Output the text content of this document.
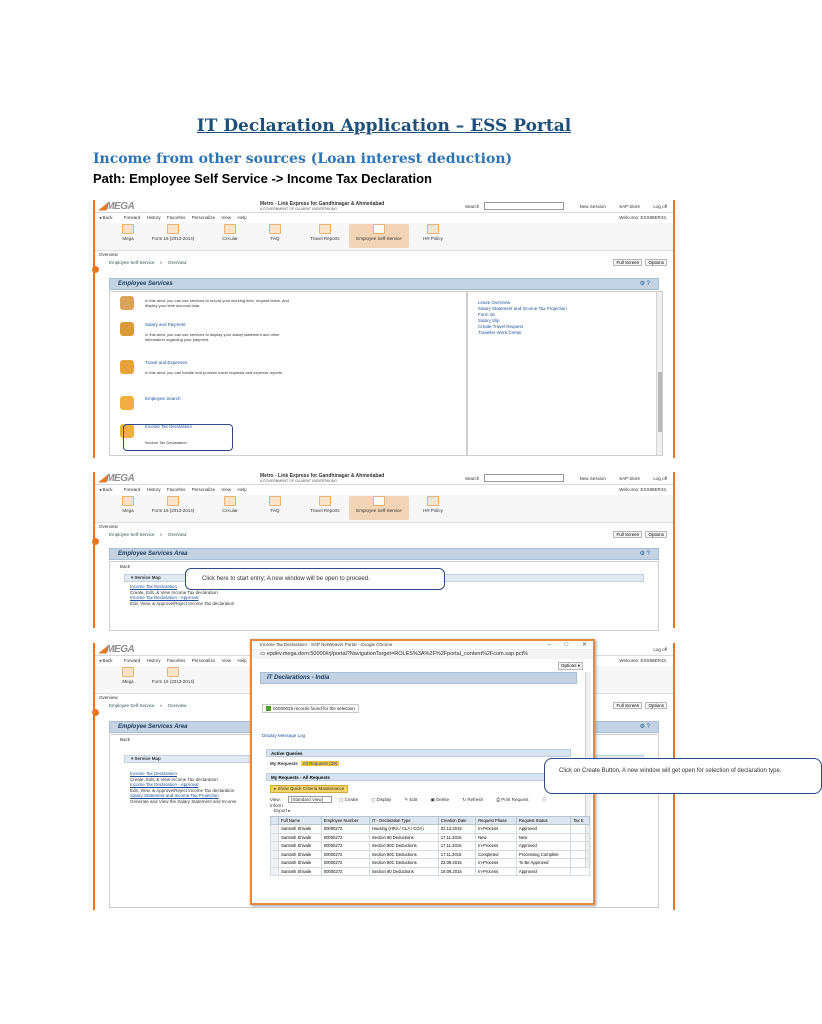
IT Declaration Application – ESS Portal
Income from other sources (Loan interest deduction)
Path: Employee Self Service -> Income Tax Declaration
◢MEGA	Metro - Link Express for Gandhinagar & Ahmedabad
A GOVERNMENT OF GUJARAT UNDERTAKING	Search	New Session	SAP Store	Log off
◂ Back	Forward History Favorites Personalize View Help	Welcome: ESS98ER43,
Mega	Form 16 (2013-2014)	Circular	FAQ	Travel Reports	Employee Self-Service	HR Policy
Overview
Employee Self-Service » Overview	Full Screen Options
Employee Services	⚙ ?
In this area, you can use services to record your working time, request leave, and display your time account data.
Salary and Payment
In this area, you can use services to display your salary statement and other information regarding your payment.
Travel and Expenses
In this area, you can handle and process travel requests and expense reports.
Employee Search
Income Tax Declaration
Income Tax Declaration
Leave Overview
Salary Statement and Income Tax Projection
Form 16
Salary Slip
Create Travel Request
Traveller Work Center
◢MEGA	Metro - Link Express for Gandhinagar & Ahmedabad
A GOVERNMENT OF GUJARAT UNDERTAKING	Search	New Session	SAP Store	Log off
◂ Back	Forward History Favorites Personalize View Help	Welcome: ESS98ER43,
Mega	Form 16 (2013-2014)	Circular	FAQ	Travel Reports	Employee Self-Service	HR Policy
Overview
Employee Self-Service » Overview	Full Screen Options
Employee Services Area	⚙ ?
Back
▾ Service Map
Income Tax Declaration
Create, Edit, & View Income Tax declaration
Income Tax Declaration - Approval
Edit, View, & Approve/Reject Income Tax declaration
Click here to start entry; A new window will be open to proceed.
◢MEGA	Log off
◂ Back	Forward History Favorites Personalize View Help	Welcome: ESS98ER43,
Mega	Form 16 (2013-2014)
Overview
Employee Self-Service » Overview	Full Screen Options
Employee Services Area	⚙ ?
Back
▾ Service Map
Income Tax Declaration
Create, Edit, & View Income Tax declaration
Income Tax Declaration - Approval
Edit, View, & Approve/Reject Income Tax declaration
Salary Statement and Income Tax Projection
Generate and View the Salary Statement and Income
Income Tax Declaration - SAP NetWeaver Portal - Google Chrome	– □ ✕
▭ epdev.mega.dom:50000/irj/portal?NavigationTarget=ROLES%3A%2F%2Fportal_content%2Fcom.sap.pct%
Options ▾
IT Declarations - India
00000029 records found for the selection
Display Message Log
Active Queries
My Requests All Requests (29)
My Requests - All Requests
▸ Show Quick Criteria Maintenance
View: [Standard View]	▢ Create	◻ Display	✎ Edit	▣ Delete	↻ Refresh	⎙ Print Request	ⓘ Inform
Export ▸
	Full Name	Employee Number	IT - Declaration Type	Creation Date	Request Phase	Request Status	Tax E
	Santosh Shivale	00000272	Housing (HRA / CLA / COA)	02.12.2015	In-Process	Approved	
	Santosh Shivale	00000272	Section 80 Deductions	17.11.2015	New	New	
	Santosh Shivale	00000272	Section 80C Deductions	17.11.2015	In-Process	Approved	
	Santosh Shivale	00000272	Section 80C Deductions	17.11.2015	Completed	Processing Complete	
	Santosh Shivale	00000272	Section 80C Deductions	23.09.2015	In-Process	To Be Approved	
	Santosh Shivale	00000272	Section 80 Deductions	18.09.2015	In-Process	Approved	
Click on Create Button, A new window will get open for selection of declaration type.
